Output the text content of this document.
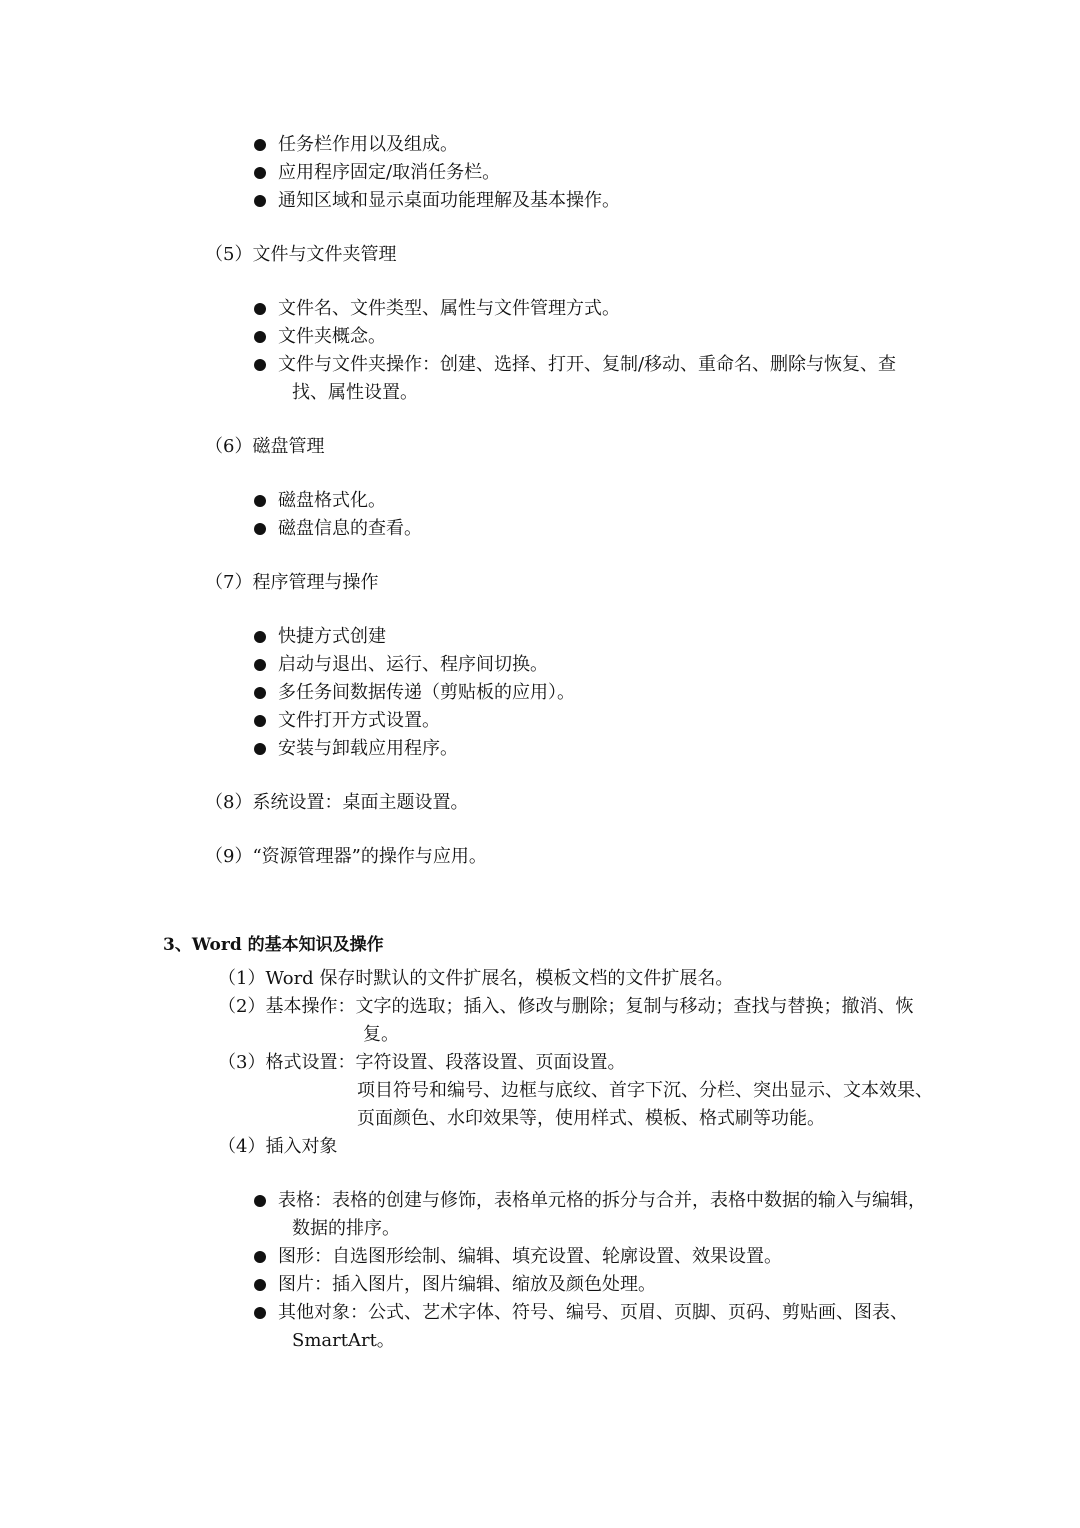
任务栏作用以及组成。
应用程序固定/取消任务栏。
通知区域和显示桌面功能理解及基本操作。
（5）文件与文件夹管理
文件名、文件类型、属性与文件管理方式。
文件夹概念。
文件与文件夹操作：创建、选择、打开、复制/移动、重命名、删除与恢复、查
找、属性设置。
（6）磁盘管理
磁盘格式化。
磁盘信息的查看。
（7）程序管理与操作
快捷方式创建
启动与退出、运行、程序间切换。
多任务间数据传递（剪贴板的应用）。
文件打开方式设置。
安装与卸载应用程序。
（8）系统设置：桌面主题设置。
（9）“资源管理器”的操作与应用。
3、Word 的基本知识及操作
（1）Word 保存时默认的文件扩展名，模板文档的文件扩展名。
（2）基本操作：文字的选取；插入、修改与删除；复制与移动；查找与替换；撤消、恢
复。
（3）格式设置：字符设置、段落设置、页面设置。
项目符号和编号、边框与底纹、首字下沉、分栏、突出显示、文本效果、
页面颜色、水印效果等，使用样式、模板、格式刷等功能。
（4）插入对象
表格：表格的创建与修饰，表格单元格的拆分与合并，表格中数据的输入与编辑，
数据的排序。
图形：自选图形绘制、编辑、填充设置、轮廓设置、效果设置。
图片：插入图片，图片编辑、缩放及颜色处理。
其他对象：公式、艺术字体、符号、编号、页眉、页脚、页码、剪贴画、图表、
SmartArt。
